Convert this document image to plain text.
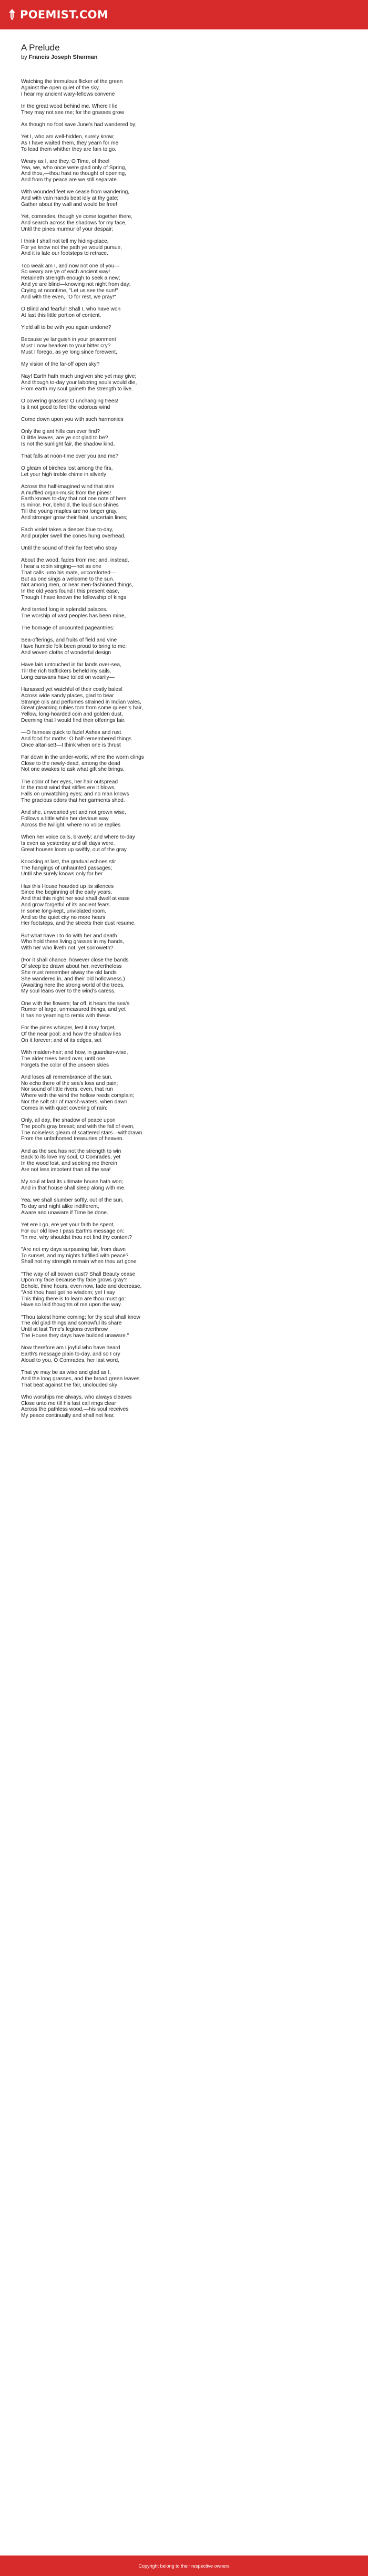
POEMIST.COM
A Prelude
by Francis Joseph Sherman
Watching the tremulous flicker of the green
Against the open quiet of the sky,
I hear my ancient wary-fellows convene
In the great wood behind me. Where I lie
They may not see me; for the grasses grow
As though no foot save June's had wandered by;
Yet I, who am well-hidden, surely know;
As I have waited them, they yearn for me
To lead them whither they are fain to go.
Weary as I, are they, O Time, of thee!
Yea, we, who once were glad only of Spring,
And thou,—thou hast no thought of opening,
And from thy peace are we still separate.
With wounded feet we cease from wandering,
And with vain hands beat idly at thy gate;
Gather about thy wall and would be free!
Yet, comrades, though ye come together there,
And search across the shadows for my face,
Until the pines murmur of your despair;
I think I shall not tell my hiding-place,
For ye know not the path ye would pursue,
And it is late our footsteps to retrace.
Too weak am I, and now not one of you—
So weary are ye of each ancient way!
Retaineth strength enough to seek a new;
And ye are blind—knowing not night from day;
Crying at noontime, "Let us see the sun!"
And with the even, "O for rest, we pray!"
O Blind and fearful! Shall I, who have won
At last this little portion of content,
Yield all to be with you again undone?
Because ye languish in your prisonment
Must I now hearken to your bitter cry?
Must I forego, as ye long since forewent,
My vision of the far-off open sky?
Nay! Earth hath much ungiven she yet may give;
And though to-day your laboring souls would die,
From earth my soul gaineth the strength to live.
O covering grasses! O unchanging trees!
Is it not good to feel the odorous wind
Come down upon you with such harmonies
Only the giant hills can ever find?
O little leaves, are ye not glad to be?
Is not the sunlight fair, the shadow kind,
That falls at noon-time over you and me?
O gleam of birches lost among the firs,
Let your high treble chime in silverly
Across the half-imagined wind that stirs
A muffled organ-music from the pines!
Earth knows to-day that not one note of hers
Is minor. For, behold, the loud sun shines
Till the young maples are no longer gray,
And stronger grow their faint, uncertain lines;
Each violet takes a deeper blue to-day,
And purpler swell the cones hung overhead,
Until the sound of their far feet who stray
About the wood, fades from me; and, instead,
I hear a robin singing—not as one
That calls unto his mate, uncomforted—
But as one sings a welcome to the sun.
Not among men, or near men-fashioned things,
In the old years found I this present ease,
Though I have known the fellowship of kings
And tarried long in splendid palaces.
The worship of vast peoples has been mine,
The homage of uncounted pageantries:
Sea-offerings, and fruits of field and vine
Have humble folk been proud to bring to me;
And woven cloths of wonderful design
Have lain untouched in far lands over-sea,
Till the rich traffickers beheld my sails.
Long caravans have toiled on wearily—
Harassed yet watchful of their costly bales!
Across wide sandy places, glad to bear
Strange oils and perfumes strained in Indian vales,
Great gleaming rubies torn from some queen's hair,
Yellow, long-hoarded coin and golden dust,
Deeming that I would find their offerings fair.
—O fairness quick to fade! Ashes and rust
And food for moths! O half-remembered things
Once altar-set!—I think when one is thrust
Far down in the under-world, where the worm clings
Close to the newly-dead, among the dead
Not one awakes to ask what gift she brings.
The color of her eyes, her hair outspread
In the most wind that stifles ere it blows,
Falls on unwatching eyes; and no man knows
The gracious odors that her garments shed.
And she, unwearied yet and not grown wise,
Follows a little while her devious way
Across the twilight, where no voice replies
When her voice calls, bravely; and where to-day
Is even as yesterday and all days were.
Great houses loom up swiftly, out of the gray.
Knocking at last, the gradual echoes stir
The hangings of unhaunted passages;
Until she surely knows only for her
Has this House hoarded up its silences
Since the beginning of the early years.
And that this night her soul shall dwell at ease
And grow forgetful of its ancient fears
In some long-kept, unviolated room.
And so the quiet city no more hears
Her footsteps, and the streets their dust resume.
But what have I to do with her and death
Who hold these living grasses in my hands,
With her who liveth not, yet sorroweth?
(For it shall chance, however close the bands
Of sleep be drawn about her, nevertheless
She must remember alway the old lands
She wandered in, and their old hollowness.)
(Awaiting here the strong world of the trees,
My soul leans over to the wind's caress,
One with the flowers; far off, it hears the sea's
Rumor of large, unmeasured things, and yet
It has no yearning to remix with these.
For the pines whisper, lest it may forget,
Of the near pool; and how the shadow lies
On it forever; and of its edges, set
With maiden-hair; and how, in guardian-wise,
The alder trees bend over, until one
Forgets the color of the unseen skies
And loses all remembrance of the sun.
No echo there of the sea's loss and pain;
Nor sound of little rivers, even, that run
Where with the wind the hollow reeds complain;
Nor the soft stir of marsh-waters, when dawn
Comes in with quiet covering of rain:
Only, all day, the shadow of peace upon
The pool's gray breast; and with the fall of even,
The noiseless gleam of scattered stars—withdrawn
From the unfathomed treasuries of heaven.
And as the sea has not the strength to win
Back to its love my soul, O Comrades, yet
In the wood lost, and seeking me therein
Are not less impotent than all the sea!
My soul at last its ultimate house hath won;
And in that house shall sleep along with me.
Yea, we shall slumber softly, out of the sun,
To day and night alike indifferent,
Aware and unaware if Time be done.
Yet ere I go, ere yet your faith be spent,
For our old love I pass Earth's message on:
"In me, why shouldst thou not find thy content?
"Are not my days surpassing fair, from dawn
To sunset, and my nights fulfilled with peace?
Shall not my strength remain when thou art gone
"The way of all bowen dust? Shall Beauty cease
Upon my face because thy face grows gray?
Behold, thine hours, even now, fade and decrease,
"And thou hast got no wisdom; yet I say
This thing there is to learn are thou must go:
Have so laid thoughts of me upon the way.
"Thou takest home coming; for thy soul shall know
The old glad things and sorrowful its share
Until at last Time's legions overthrow
The House they days have builded unaware."
Now therefore am I joyful who have heard
Earth's message plain to-day, and so I cry
Aloud to you, O Comrades, her last word,
That ye may be as wise and glad as I,
And the long grasses, and the broad green leaves
That beat against the fair, unclouded sky
Who worships me always, who always cleaves
Close unto me till his last call rings clear
Across the pathless wood,—his soul receives
My peace continually and shall not fear.
Copyright belong to their respective owners
